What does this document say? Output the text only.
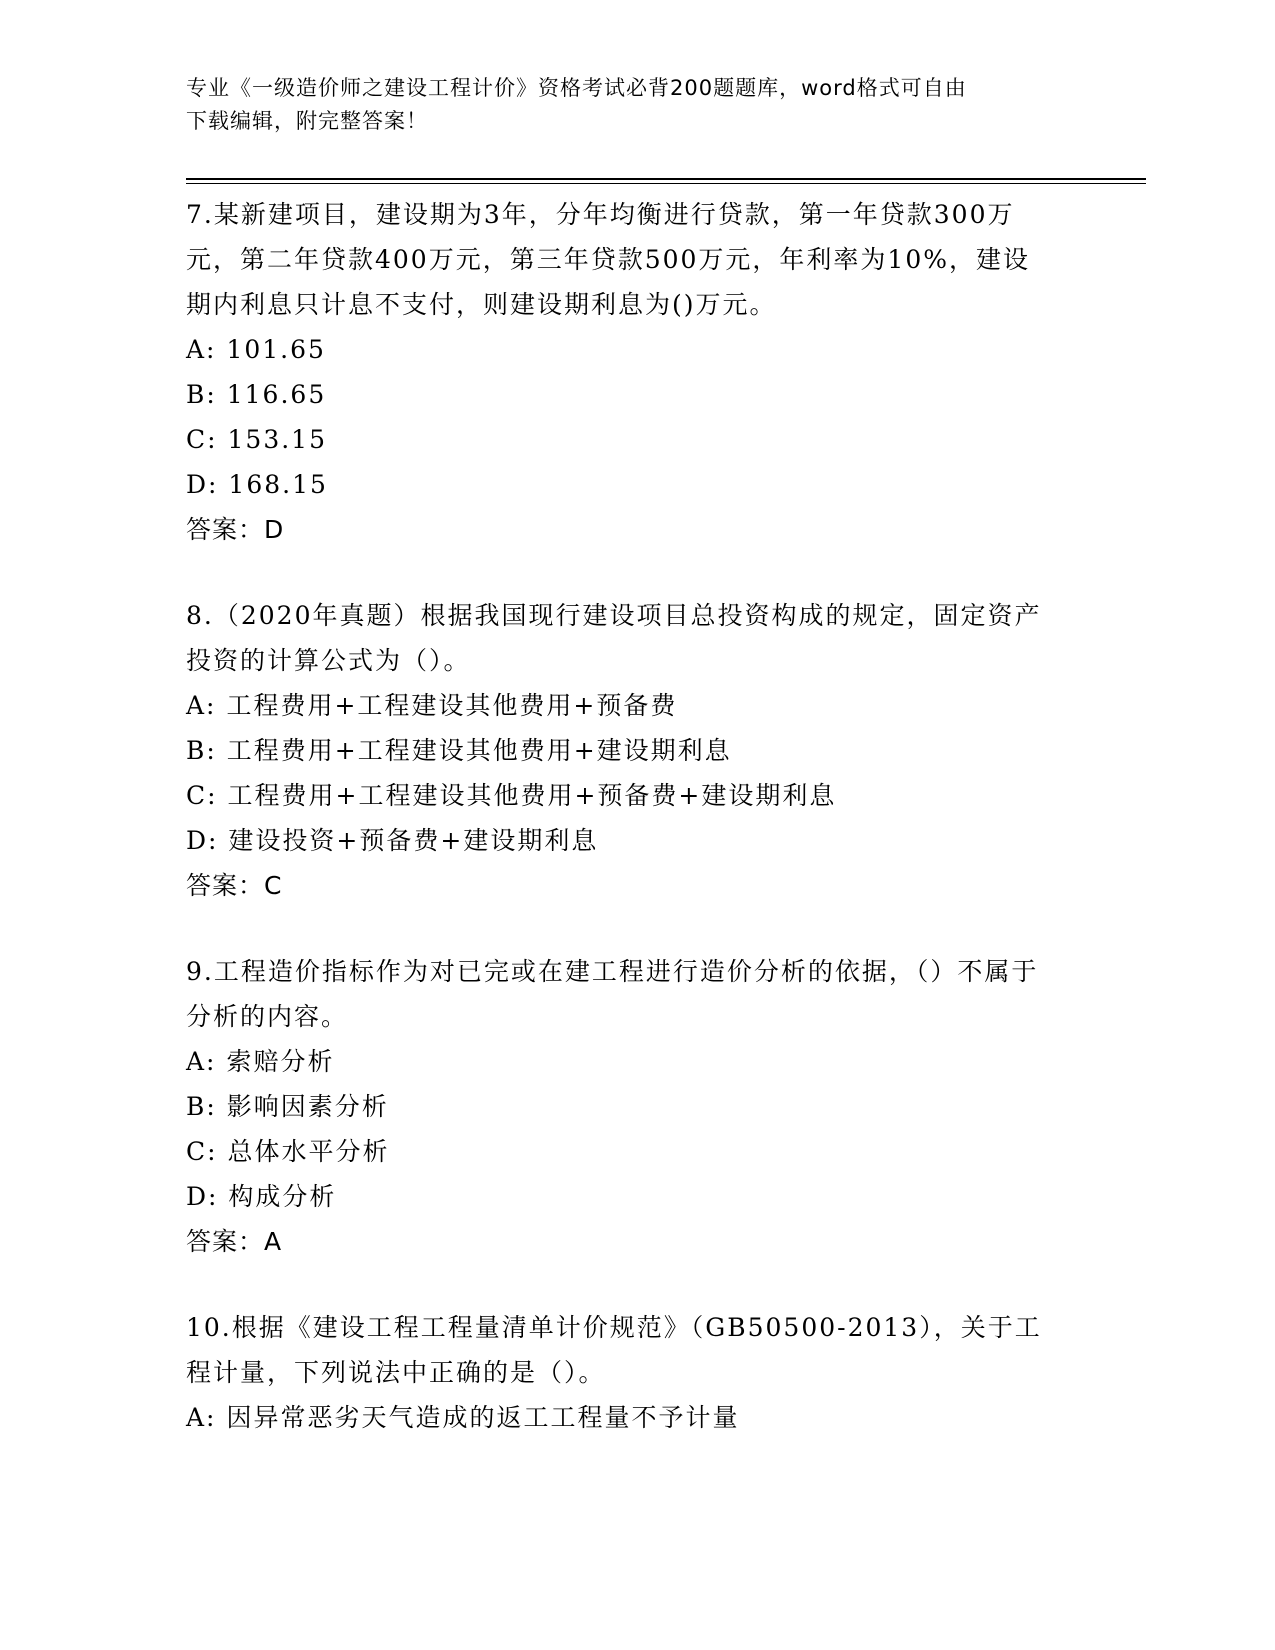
专业《一级造价师之建设工程计价》资格考试必背200题题库，word格式可自由
下载编辑，附完整答案！

7.某新建项目，建设期为3年，分年均衡进行贷款，第一年贷款300万元，第二年贷款400万元，第三年贷款500万元，年利率为10%，建设期内利息只计息不支付，则建设期利息为()万元。

A: 101.65
B: 116.65
C: 153.15
D: 168.15
答案：D

8.（2020年真题）根据我国现行建设项目总投资构成的规定，固定资产投资的计算公式为（）。

A: 工程费用+工程建设其他费用+预备费
B: 工程费用+工程建设其他费用+建设期利息
C: 工程费用+工程建设其他费用+预备费+建设期利息
D: 建设投资+预备费+建设期利息
答案：C

9.工程造价指标作为对已完或在建工程进行造价分析的依据，（）不属于分析的内容。

A: 索赔分析
B: 影响因素分析
C: 总体水平分析
D: 构成分析
答案：A

10.根据《建设工程工程量清单计价规范》（GB50500-2013），关于工程计量，下列说法中正确的是（）。

A: 因异常恶劣天气造成的返工工程量不予计量
